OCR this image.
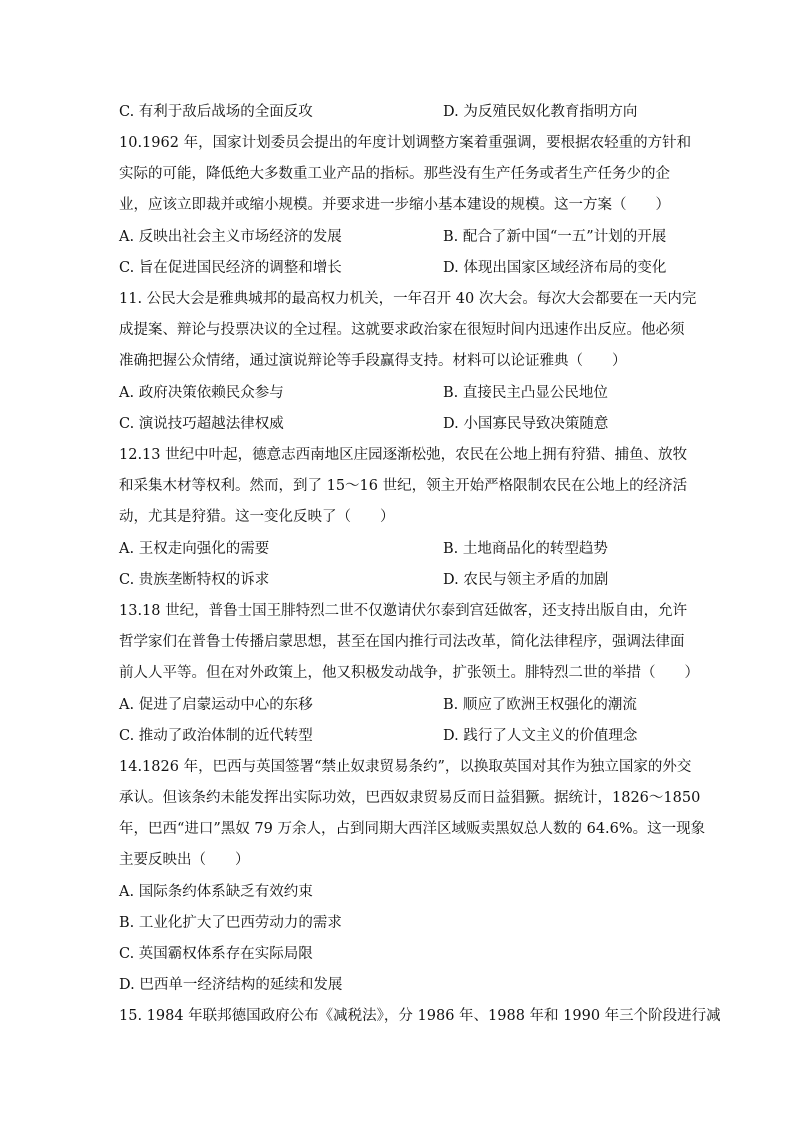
C. 有利于敌后战场的全面反攻	D. 为反殖民奴化教育指明方向
10.1962 年，国家计划委员会提出的年度计划调整方案着重强调，要根据农轻重的方针和
实际的可能，降低绝大多数重工业产品的指标。那些没有生产任务或者生产任务少的企
业，应该立即裁并或缩小规模。并要求进一步缩小基本建设的规模。这一方案（　　）
A. 反映出社会主义市场经济的发展	B. 配合了新中国“一五”计划的开展
C. 旨在促进国民经济的调整和增长	D. 体现出国家区域经济布局的变化
11. 公民大会是雅典城邦的最高权力机关，一年召开 40 次大会。每次大会都要在一天内完
成提案、辩论与投票决议的全过程。这就要求政治家在很短时间内迅速作出反应。他必须
准确把握公众情绪，通过演说辩论等手段赢得支持。材料可以论证雅典（　　）
A. 政府决策依赖民众参与	B. 直接民主凸显公民地位
C. 演说技巧超越法律权威	D. 小国寡民导致决策随意
12.13 世纪中叶起，德意志西南地区庄园逐渐松弛，农民在公地上拥有狩猎、捕鱼、放牧
和采集木材等权利。然而，到了 15～16 世纪，领主开始严格限制农民在公地上的经济活
动，尤其是狩猎。这一变化反映了（　　）
A. 王权走向强化的需要	B. 土地商品化的转型趋势
C. 贵族垄断特权的诉求	D. 农民与领主矛盾的加剧
13.18 世纪，普鲁士国王腓特烈二世不仅邀请伏尔泰到宫廷做客，还支持出版自由，允许
哲学家们在普鲁士传播启蒙思想，甚至在国内推行司法改革，简化法律程序，强调法律面
前人人平等。但在对外政策上，他又积极发动战争，扩张领土。腓特烈二世的举措（　　）
A. 促进了启蒙运动中心的东移	B. 顺应了欧洲王权强化的潮流
C. 推动了政治体制的近代转型	D. 践行了人文主义的价值理念
14.1826 年，巴西与英国签署“禁止奴隶贸易条约”，以换取英国对其作为独立国家的外交
承认。但该条约未能发挥出实际功效，巴西奴隶贸易反而日益猖獗。据统计，1826～1850
年，巴西“进口”黑奴 79 万余人，占到同期大西洋区域贩卖黑奴总人数的 64.6%。这一现象
主要反映出（　　）
A. 国际条约体系缺乏有效约束
B. 工业化扩大了巴西劳动力的需求
C. 英国霸权体系存在实际局限
D. 巴西单一经济结构的延续和发展
15. 1984 年联邦德国政府公布《减税法》，分 1986 年、1988 年和 1990 年三个阶段进行减
